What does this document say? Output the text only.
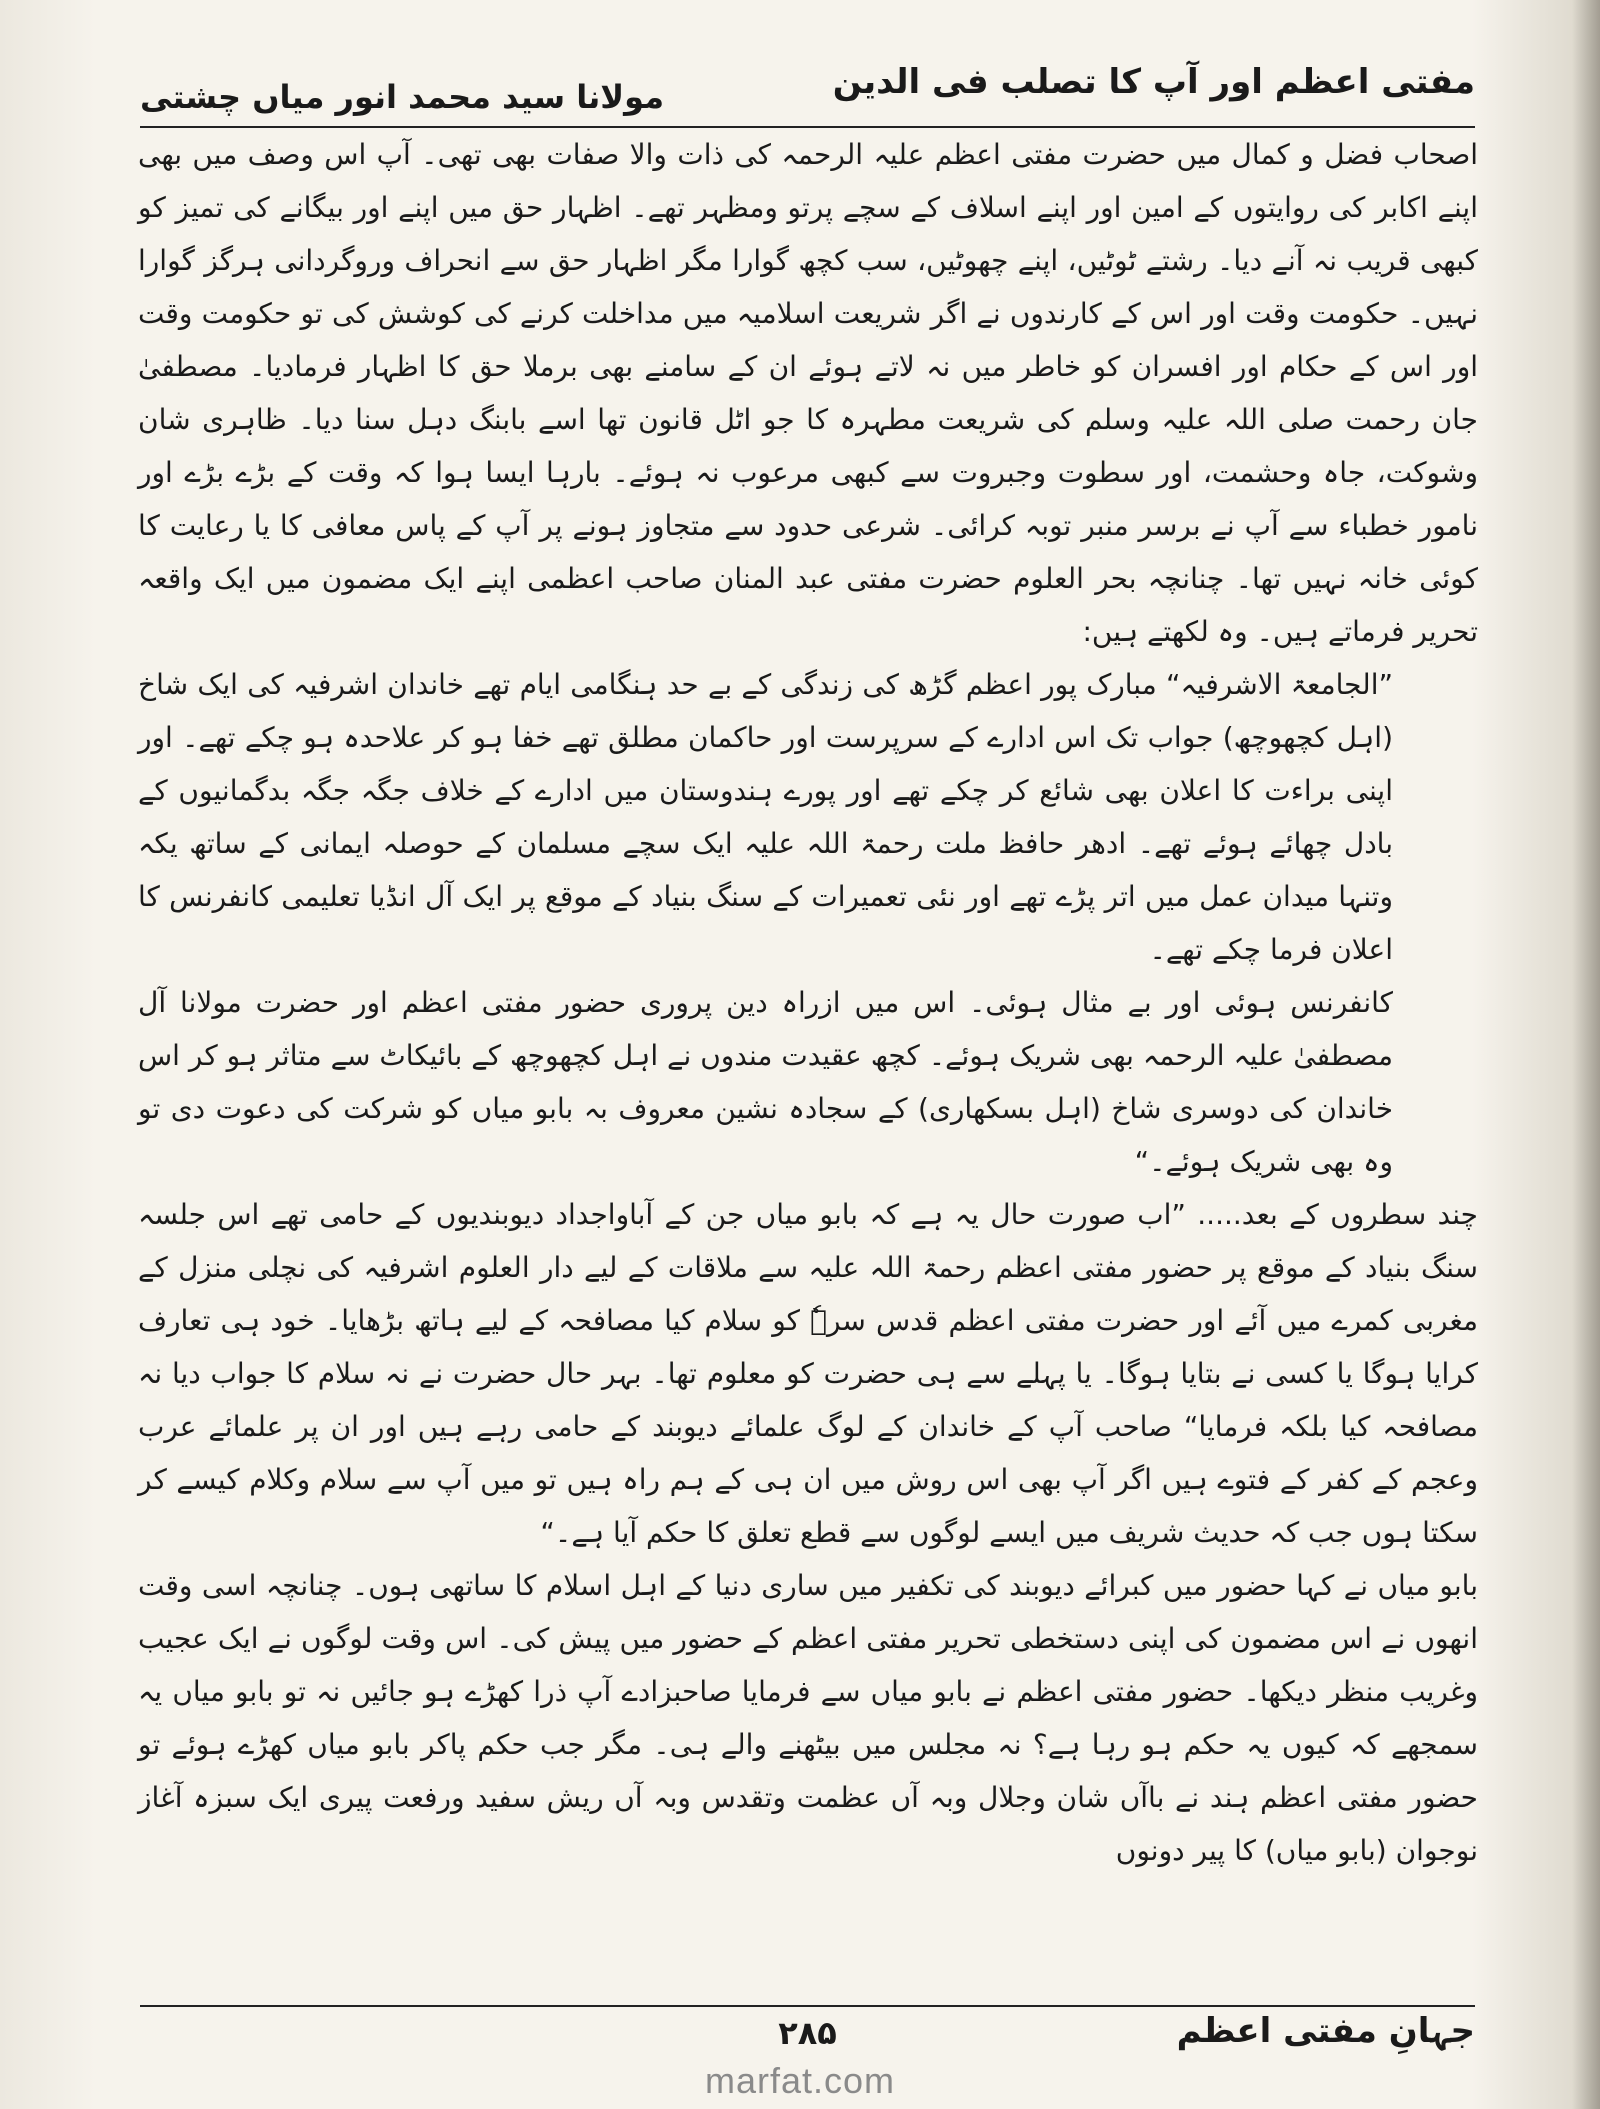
مفتی اعظم اور آپ کا تصلب فی الدین
مولانا سید محمد انور میاں چشتی

اصحاب فضل و کمال میں حضرت مفتی اعظم علیہ الرحمہ کی ذات والا صفات بھی تھی۔ آپ اس وصف میں بھی اپنے اکابر کی روایتوں کے امین اور اپنے اسلاف کے سچے پرتو ومظہر تھے۔ اظہار حق میں اپنے اور بیگانے کی تمیز کو کبھی قریب نہ آنے دیا۔ رشتے ٹوٹیں، اپنے چھوٹیں، سب کچھ گوارا مگر اظہار حق سے انحراف وروگردانی ہرگز گوارا نہیں۔ حکومت وقت اور اس کے کارندوں نے اگر شریعت اسلامیہ میں مداخلت کرنے کی کوشش کی تو حکومت وقت اور اس کے حکام اور افسران کو خاطر میں نہ لاتے ہوئے ان کے سامنے بھی برملا حق کا اظہار فرمادیا۔ مصطفیٰ جان رحمت صلی اللہ علیہ وسلم کی شریعت مطہرہ کا جو اٹل قانون تھا اسے بابنگ دہل سنا دیا۔ ظاہری شان وشوکت، جاہ وحشمت، اور سطوت وجبروت سے کبھی مرعوب نہ ہوئے۔ بارہا ایسا ہوا کہ وقت کے بڑے بڑے اور نامور خطباء سے آپ نے برسر منبر توبہ کرائی۔ شرعی حدود سے متجاوز ہونے پر آپ کے پاس معافی کا یا رعایت کا کوئی خانہ نہیں تھا۔ چنانچہ بحر العلوم حضرت مفتی عبد المنان صاحب اعظمی اپنے ایک مضمون میں ایک واقعہ تحریر فرماتے ہیں۔ وہ لکھتے ہیں:

”الجامعۃ الاشرفیہ“ مبارک پور اعظم گڑھ کی زندگی کے بے حد ہنگامی ایام تھے خاندان اشرفیہ کی ایک شاخ (اہل کچھوچھ) جواب تک اس ادارے کے سرپرست اور حاکمان مطلق تھے خفا ہو کر علاحدہ ہو چکے تھے۔ اور اپنی براءت کا اعلان بھی شائع کر چکے تھے اور پورے ہندوستان میں ادارے کے خلاف جگہ جگہ بدگمانیوں کے بادل چھائے ہوئے تھے۔ ادھر حافظ ملت رحمۃ اللہ علیہ ایک سچے مسلمان کے حوصلہ ایمانی کے ساتھ یکہ وتنہا میدان عمل میں اتر پڑے تھے اور نئی تعمیرات کے سنگ بنیاد کے موقع پر ایک آل انڈیا تعلیمی کانفرنس کا اعلان فرما چکے تھے۔

کانفرنس ہوئی اور بے مثال ہوئی۔ اس میں ازراہ دین پروری حضور مفتی اعظم اور حضرت مولانا آل مصطفیٰ علیہ الرحمہ بھی شریک ہوئے۔ کچھ عقیدت مندوں نے اہل کچھوچھ کے بائیکاٹ سے متاثر ہو کر اس خاندان کی دوسری شاخ (اہل بسکھاری) کے سجادہ نشین معروف بہ بابو میاں کو شرکت کی دعوت دی تو وہ بھی شریک ہوئے۔“

چند سطروں کے بعد..... ”اب صورت حال یہ ہے کہ بابو میاں جن کے آباواجداد دیوبندیوں کے حامی تھے اس جلسہ سنگ بنیاد کے موقع پر حضور مفتی اعظم رحمۃ اللہ علیہ سے ملاقات کے لیے دار العلوم اشرفیہ کی نچلی منزل کے مغربی کمرے میں آئے اور حضرت مفتی اعظم قدس سرہٗ کو سلام کیا مصافحہ کے لیے ہاتھ بڑھایا۔ خود ہی تعارف کرایا ہوگا یا کسی نے بتایا ہوگا۔ یا پہلے سے ہی حضرت کو معلوم تھا۔ بہر حال حضرت نے نہ سلام کا جواب دیا نہ مصافحہ کیا بلکہ فرمایا“ صاحب آپ کے خاندان کے لوگ علمائے دیوبند کے حامی رہے ہیں اور ان پر علمائے عرب وعجم کے کفر کے فتوے ہیں اگر آپ بھی اس روش میں ان ہی کے ہم راہ ہیں تو میں آپ سے سلام وکلام کیسے کر سکتا ہوں جب کہ حدیث شریف میں ایسے لوگوں سے قطع تعلق کا حکم آیا ہے۔“

بابو میاں نے کہا حضور میں کبرائے دیوبند کی تکفیر میں ساری دنیا کے اہل اسلام کا ساتھی ہوں۔ چنانچہ اسی وقت انھوں نے اس مضمون کی اپنی دستخطی تحریر مفتی اعظم کے حضور میں پیش کی۔ اس وقت لوگوں نے ایک عجیب وغریب منظر دیکھا۔ حضور مفتی اعظم نے بابو میاں سے فرمایا صاحبزادے آپ ذرا کھڑے ہو جائیں نہ تو بابو میاں یہ سمجھے کہ کیوں یہ حکم ہو رہا ہے؟ نہ مجلس میں بیٹھنے والے ہی۔ مگر جب حکم پاکر بابو میاں کھڑے ہوئے تو حضور مفتی اعظم ہند نے باآں شان وجلال وبہ آں عظمت وتقدس وبہ آں ریش سفید ورفعت پیری ایک سبزہ آغاز نوجوان (بابو میاں) کا پیر دونوں

جہانِ مفتی اعظم
۲۸۵
marfat.com
